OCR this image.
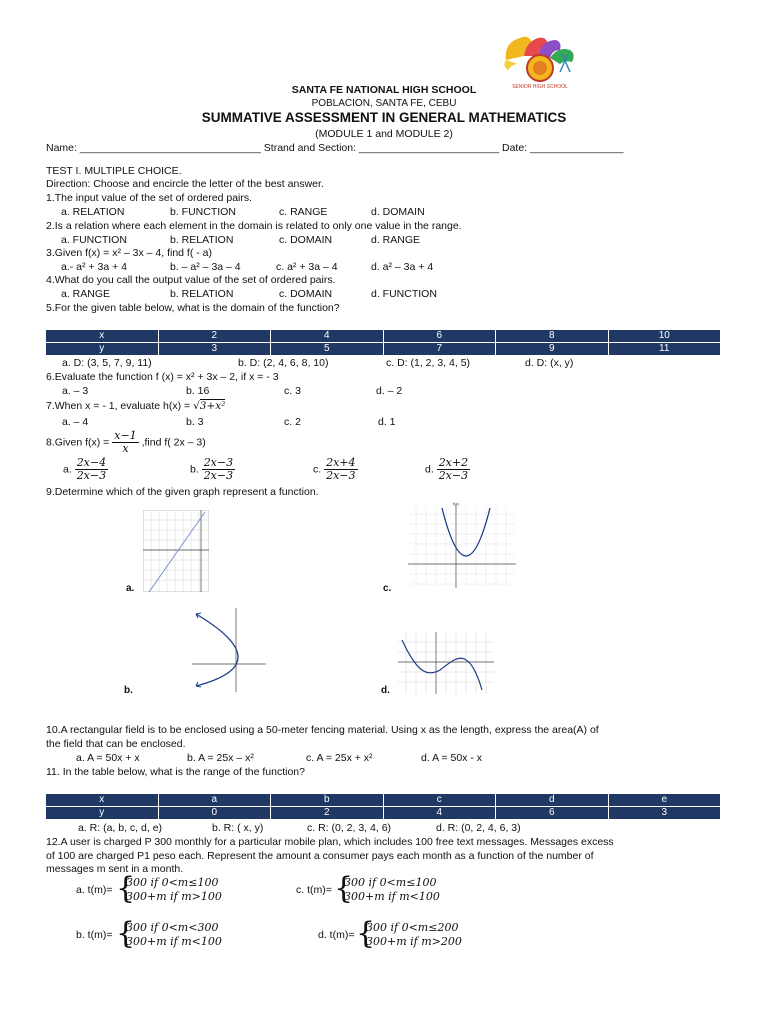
SENIOR HIGH SCHOOL
SANTA FE NATIONAL HIGH SCHOOL
POBLACION, SANTA FE, CEBU
SUMMATIVE ASSESSMENT IN GENERAL MATHEMATICS
(MODULE 1 and MODULE 2)
Name: _______________________________ Strand and Section: ________________________ Date: ________________
TEST I. MULTIPLE CHOICE.
Direction: Choose and encircle the letter of the best answer.
1.The input value of the set of ordered pairs.
a. RELATION	b. FUNCTION	c. RANGE	d. DOMAIN
2.Is a relation where each element in the domain is related to only one value in the range.
a. FUNCTION	b. RELATION	c. DOMAIN	d. RANGE
3.Given f(x) = x² – 3x – 4, find f( - a)
a.- a² + 3a + 4	b. – a² – 3a – 4	c. a² + 3a – 4	d. a² – 3a + 4
4.What do you call the output value of the set of ordered pairs.
a. RANGE	b. RELATION	c. DOMAIN	d. FUNCTION
5.For the given table below, what is the domain of the function?
x	2	4	6	8	10
y	3	5	7	9	11
a. D: (3, 5, 7, 9, 11)	b. D: (2, 4, 6, 8, 10)	c. D: (1, 2, 3, 4, 5)	d. D: (x, y)
6.Evaluate the function f (x) = x² + 3x – 2, if x = - 3
a. – 3	b. 16	c. 3	d. – 2
7.When x = - 1, evaluate h(x) = √3+x²
a. – 4	b. 3	c. 2	d. 1
8.Given $f(x) = \frac{x-1}{x}$ ,find f( 2x – 3)
a. $\frac{2x-4}{2x-3}$	b. $\frac{2x-3}{2x-3}$	c. $\frac{2x+4}{2x-3}$	d. $\frac{2x+2}{2x-3}$
9.Determine which of the given graph represent a function.
a.
f(x)
c.
b.	d.
10.A rectangular field is to be enclosed using a 50-meter fencing material. Using x as the length, express the area(A) of
the field that can be enclosed.
a. A = 50x + x	b. A = 25x – x²	c. A = 25x + x²	d. A = 50x - x
11. In the table below, what is the range of the function?
x	a	b	c	d	e
y	0	2	4	6	3
a. R: (a, b, c, d, e)	b. R: ( x, y)	c. R: (0, 2, 3, 4, 6)	d. R: (0, 2, 4, 6, 3)
12.A user is charged P 300 monthly for a particular mobile plan, which includes 100 free text messages. Messages excess
of 100 are charged P1 peso each. Represent the amount a consumer pays each month as a function of the number of
messages m sent in a month.
a. t(m)= {
300 if 0<m≤100
300+m if m>100	c. t(m)= {
300 if 0<m≤100
300+m if m<100
b. t(m)= {
300 if 0<m<300
300+m if m<100	d. t(m)= {
300 if 0<m≤200
300+m if m>200
